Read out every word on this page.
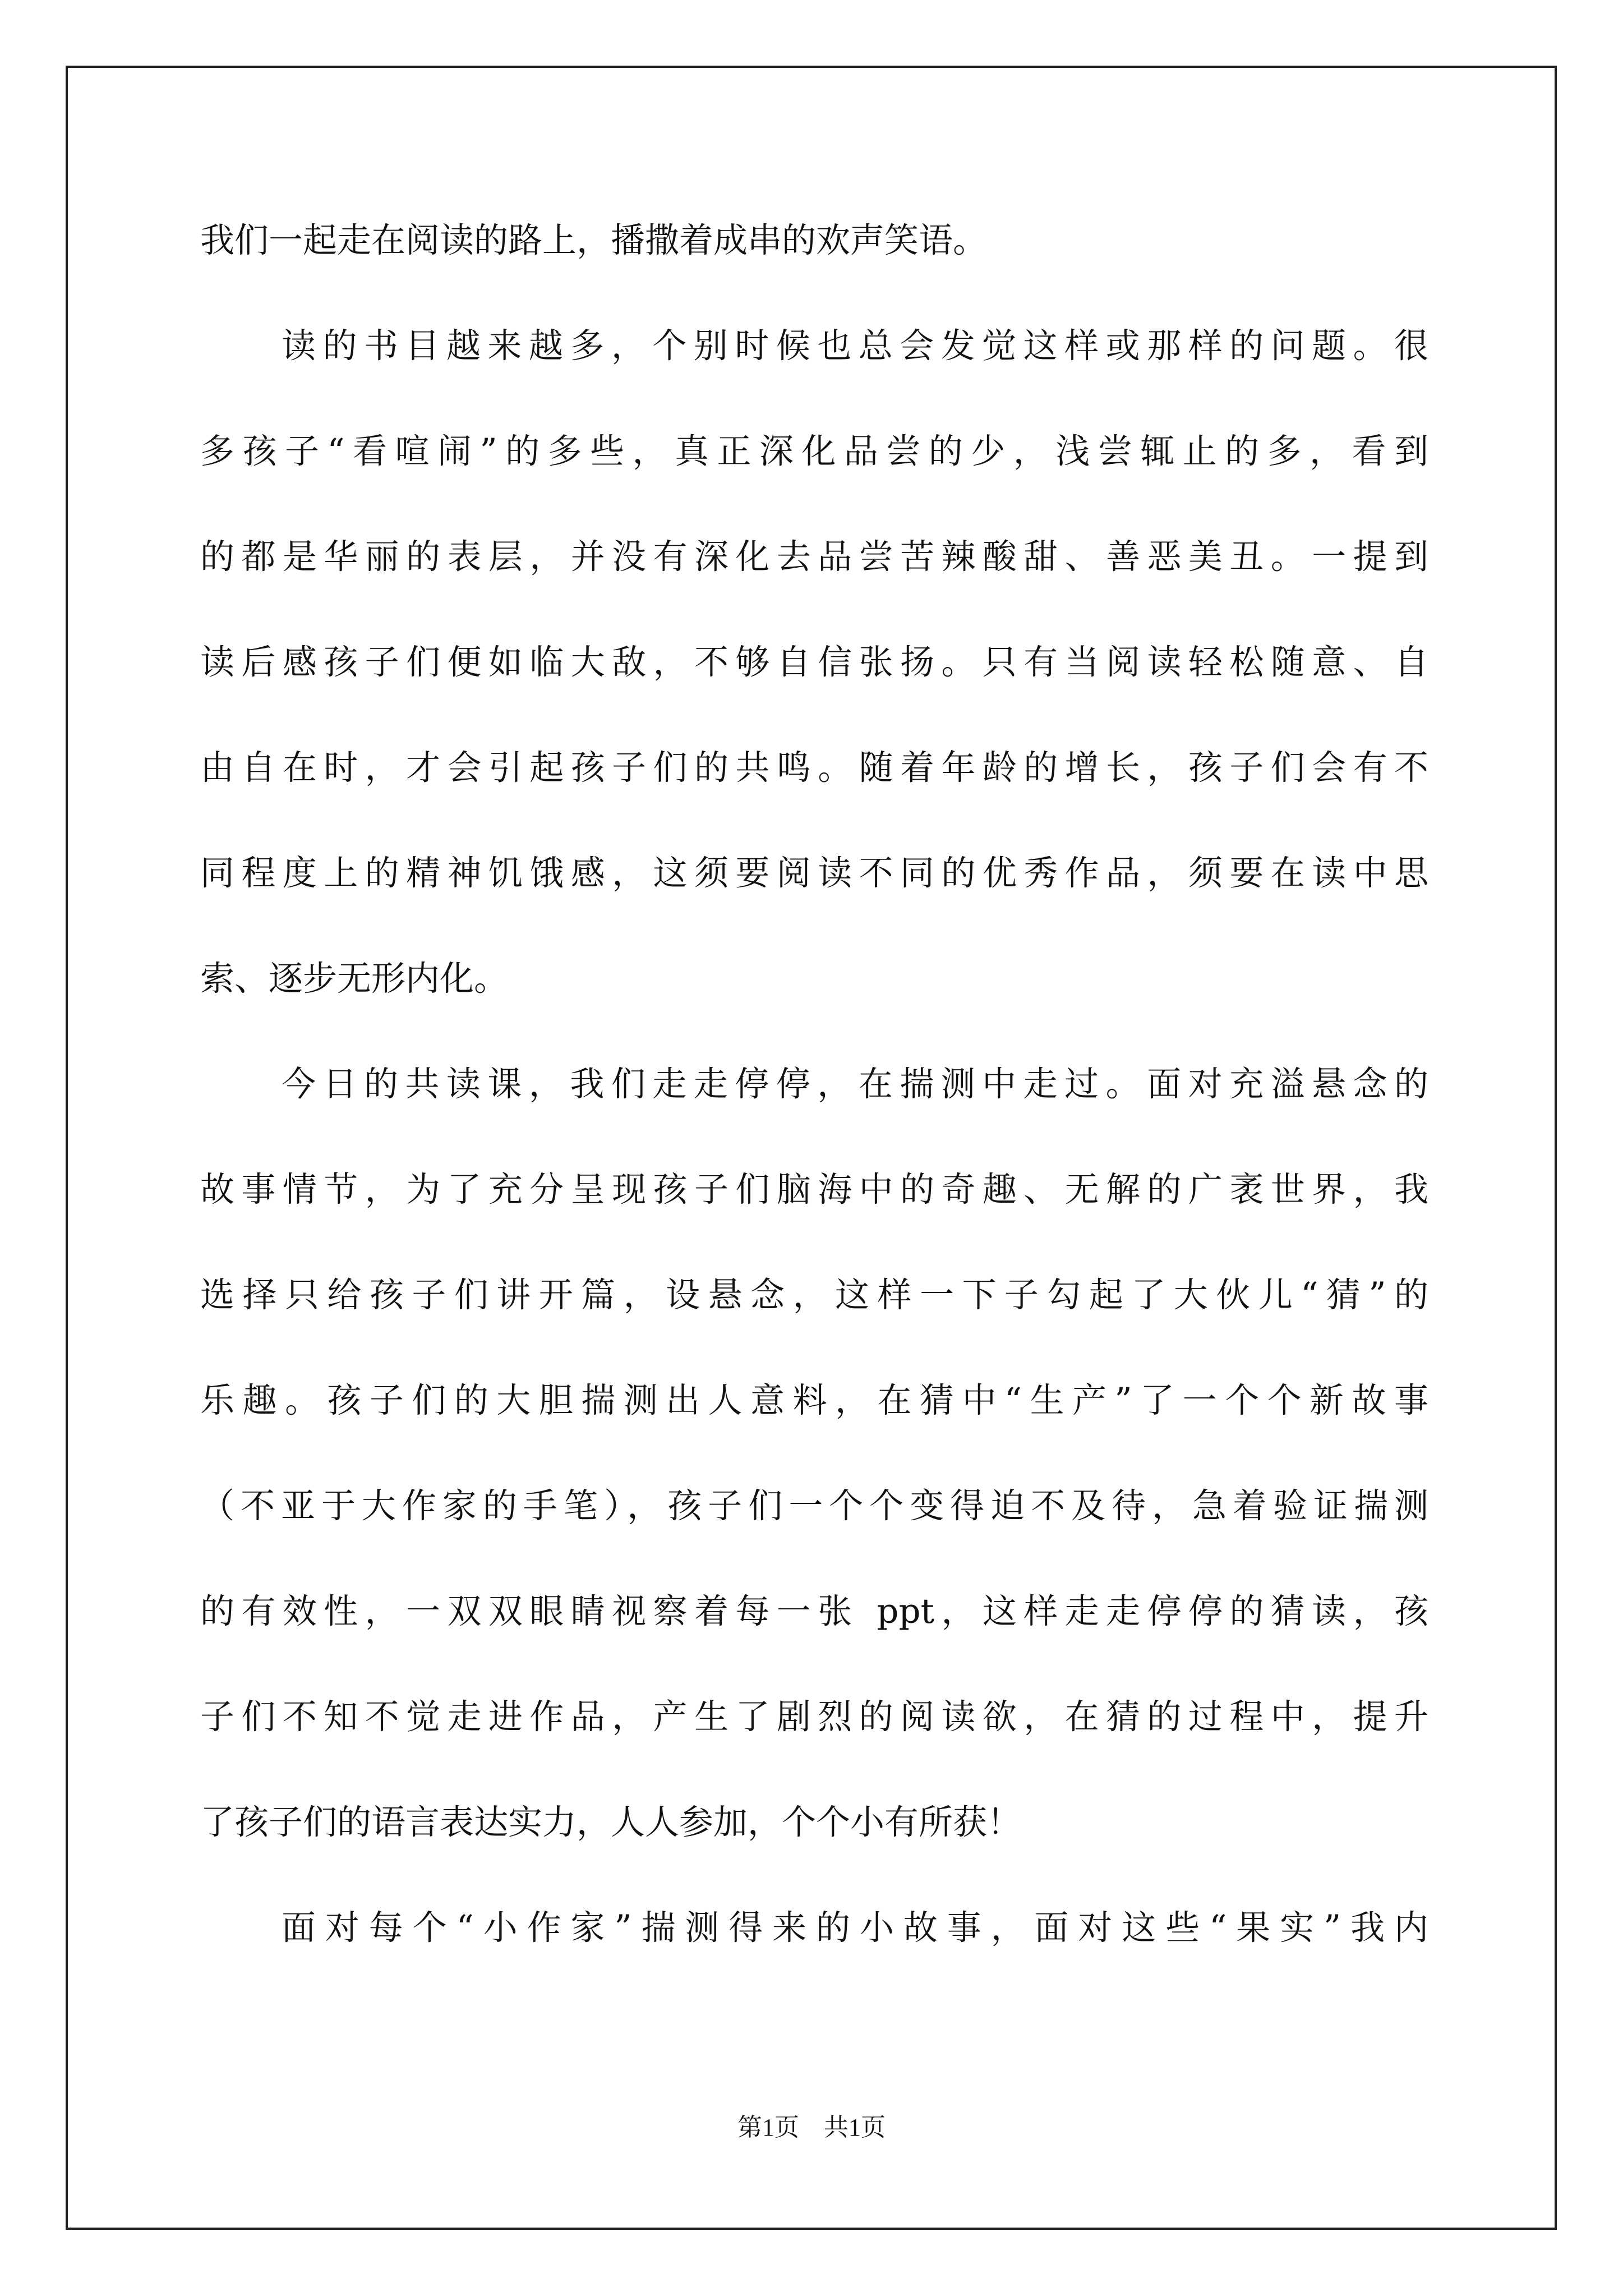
我们一起走在阅读的路上，播撒着成串的欢声笑语。
读的书目越来越多，个别时候也总会发觉这样或那样的问题。很
多孩子“看喧闹”的多些，真正深化品尝的少，浅尝辄止的多，看到
的都是华丽的表层，并没有深化去品尝苦辣酸甜、善恶美丑。一提到
读后感孩子们便如临大敌，不够自信张扬。只有当阅读轻松随意、自
由自在时，才会引起孩子们的共鸣。随着年龄的增长，孩子们会有不
同程度上的精神饥饿感，这须要阅读不同的优秀作品，须要在读中思
索、逐步无形内化。
今日的共读课，我们走走停停，在揣测中走过。面对充溢悬念的
故事情节，为了充分呈现孩子们脑海中的奇趣、无解的广袤世界，我
选择只给孩子们讲开篇，设悬念，这样一下子勾起了大伙儿“猜”的
乐趣。孩子们的大胆揣测出人意料，在猜中“生产”了一个个新故事
（不亚于大作家的手笔），孩子们一个个变得迫不及待，急着验证揣测
的有效性，一双双眼睛视察着每一张 ppt，这样走走停停的猜读，孩
子们不知不觉走进作品，产生了剧烈的阅读欲，在猜的过程中，提升
了孩子们的语言表达实力，人人参加，个个小有所获！
面对每个“小作家”揣测得来的小故事，面对这些“果实”我内
第1页 共1页
